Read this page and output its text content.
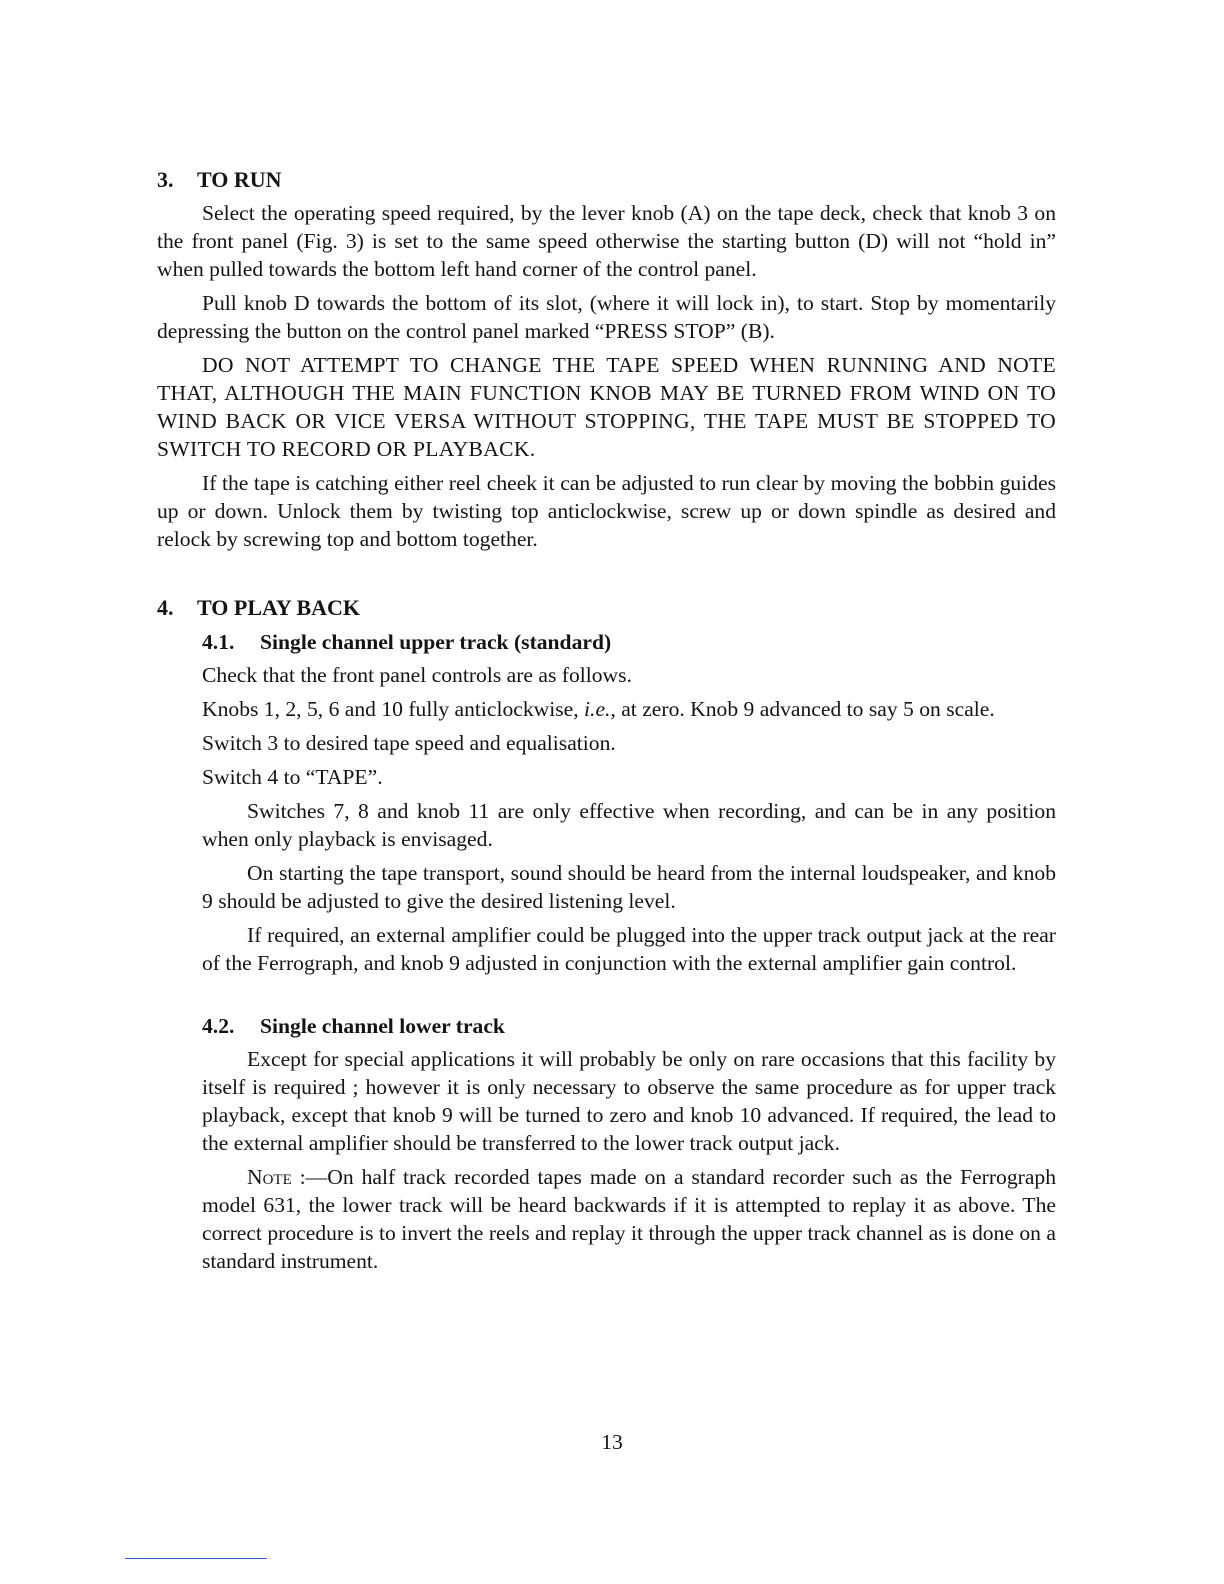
3. TO RUN

Select the operating speed required, by the lever knob (A) on the tape deck, check that knob 3 on the front panel (Fig. 3) is set to the same speed otherwise the starting button (D) will not “hold in” when pulled towards the bottom left hand corner of the control panel.

Pull knob D towards the bottom of its slot, (where it will lock in), to start. Stop by momentarily depressing the button on the control panel marked “PRESS STOP” (B).

DO NOT ATTEMPT TO CHANGE THE TAPE SPEED WHEN RUNNING AND NOTE THAT, ALTHOUGH THE MAIN FUNCTION KNOB MAY BE TURNED FROM WIND ON TO WIND BACK OR VICE VERSA WITHOUT STOPPING, THE TAPE MUST BE STOPPED TO SWITCH TO RECORD OR PLAYBACK.

If the tape is catching either reel cheek it can be adjusted to run clear by moving the bobbin guides up or down. Unlock them by twisting top anticlockwise, screw up or down spindle as desired and relock by screwing top and bottom together.

4. TO PLAY BACK
4.1. Single channel upper track (standard)

Check that the front panel controls are as follows.

Knobs 1, 2, 5, 6 and 10 fully anticlockwise, i.e., at zero. Knob 9 advanced to say 5 on scale.

Switch 3 to desired tape speed and equalisation.

Switch 4 to “TAPE”.

Switches 7, 8 and knob 11 are only effective when recording, and can be in any position when only playback is envisaged.

On starting the tape transport, sound should be heard from the internal loudspeaker, and knob 9 should be adjusted to give the desired listening level.

If required, an external amplifier could be plugged into the upper track output jack at the rear of the Ferrograph, and knob 9 adjusted in conjunction with the external amplifier gain control.

4.2. Single channel lower track

Except for special applications it will probably be only on rare occasions that this facility by itself is required ; however it is only necessary to observe the same procedure as for upper track playback, except that knob 9 will be turned to zero and knob 10 advanced. If required, the lead to the external amplifier should be transferred to the lower track output jack.

Note :—On half track recorded tapes made on a standard recorder such as the Ferrograph model 631, the lower track will be heard backwards if it is attempted to replay it as above. The correct procedure is to invert the reels and replay it through the upper track channel as is done on a standard instrument.

13
